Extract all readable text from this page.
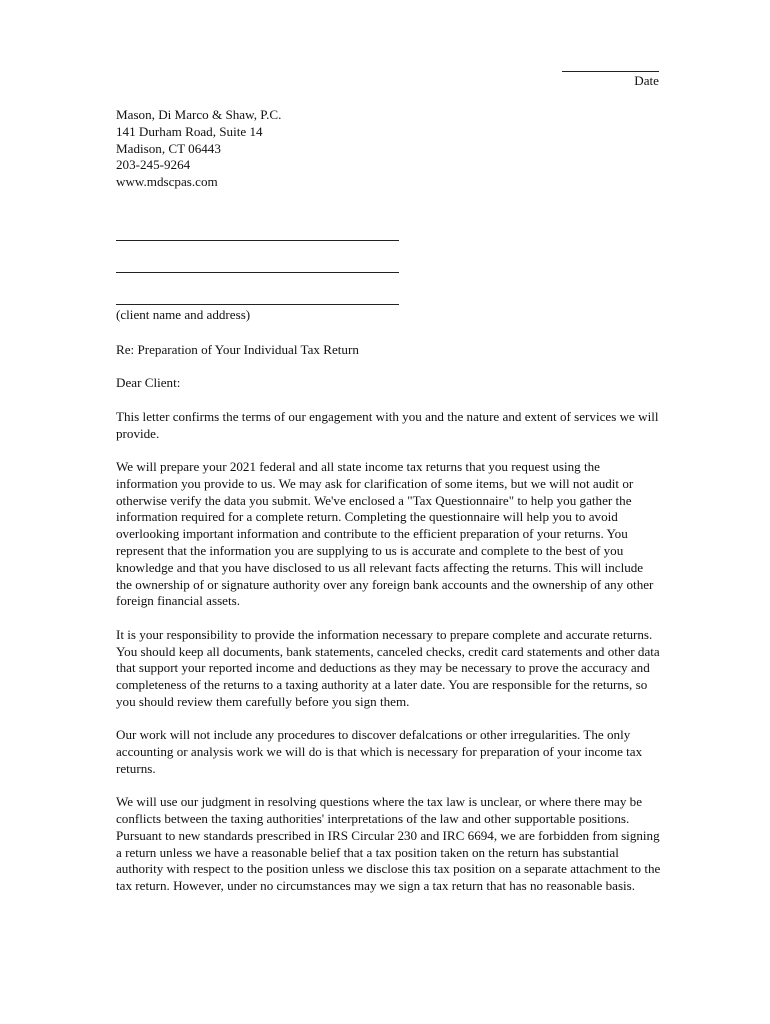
Date
Mason, Di Marco & Shaw, P.C.
141 Durham Road, Suite 14
Madison, CT 06443
203-245-9264
www.mdscpas.com
(client name and address)

Re: Preparation of Your Individual Tax Return

Dear Client:

This letter confirms the terms of our engagement with you and the nature and extent of services we will provide.

We will prepare your 2021 federal and all state income tax returns that you request using the information you provide to us. We may ask for clarification of some items, but we will not audit or otherwise verify the data you submit. We've enclosed a "Tax Questionnaire" to help you gather the information required for a complete return. Completing the questionnaire will help you to avoid overlooking important information and contribute to the efficient preparation of your returns. You represent that the information you are supplying to us is accurate and complete to the best of you knowledge and that you have disclosed to us all relevant facts affecting the returns. This will include the ownership of or signature authority over any foreign bank accounts and the ownership of any other foreign financial assets.

It is your responsibility to provide the information necessary to prepare complete and accurate returns. You should keep all documents, bank statements, canceled checks, credit card statements and other data that support your reported income and deductions as they may be necessary to prove the accuracy and completeness of the returns to a taxing authority at a later date. You are responsible for the returns, so you should review them carefully before you sign them.

Our work will not include any procedures to discover defalcations or other irregularities. The only accounting or analysis work we will do is that which is necessary for preparation of your income tax returns.

We will use our judgment in resolving questions where the tax law is unclear, or where there may be conflicts between the taxing authorities' interpretations of the law and other supportable positions. Pursuant to new standards prescribed in IRS Circular 230 and IRC 6694, we are forbidden from signing a return unless we have a reasonable belief that a tax position taken on the return has substantial authority with respect to the position unless we disclose this tax position on a separate attachment to the tax return. However, under no circumstances may we sign a tax return that has no reasonable basis.
